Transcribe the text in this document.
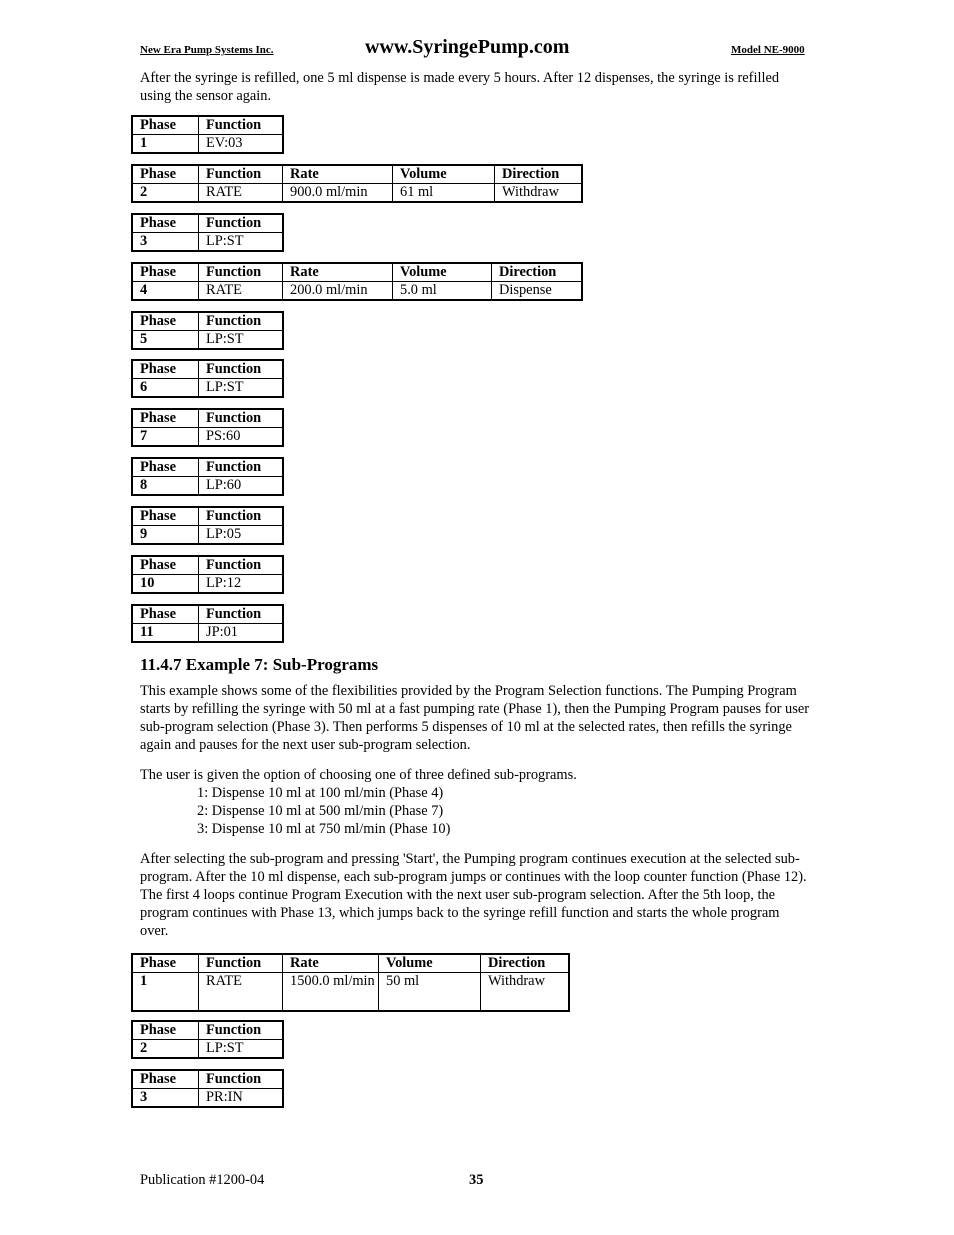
New Era Pump Systems Inc.	www.SyringePump.com	Model NE-9000

After the syringe is refilled, one 5 ml dispense is made every 5 hours. After 12 dispenses, the syringe is refilled using the sensor again.

Phase	Function
1	EV:03
Phase	Function	Rate	Volume	Direction
2	RATE	900.0 ml/min	61 ml	Withdraw
Phase	Function
3	LP:ST
Phase	Function	Rate	Volume	Direction
4	RATE	200.0 ml/min	5.0 ml	Dispense
Phase	Function
5	LP:ST
Phase	Function
6	LP:ST
Phase	Function
7	PS:60
Phase	Function
8	LP:60
Phase	Function
9	LP:05
Phase	Function
10	LP:12
Phase	Function
11	JP:01
11.4.7 Example 7: Sub-Programs

This example shows some of the flexibilities provided by the Program Selection functions. The Pumping Program starts by refilling the syringe with 50 ml at a fast pumping rate (Phase 1), then the Pumping Program pauses for user sub-program selection (Phase 3). Then performs 5 dispenses of 10 ml at the selected rates, then refills the syringe again and pauses for the next user sub-program selection.

The user is given the option of choosing one of three defined sub-programs.

1: Dispense 10 ml at 100 ml/min (Phase 4)

2: Dispense 10 ml at 500 ml/min (Phase 7)

3: Dispense 10 ml at 750 ml/min (Phase 10)

After selecting the sub-program and pressing 'Start', the Pumping program continues execution at the selected sub-program. After the 10 ml dispense, each sub-program jumps or continues with the loop counter function (Phase 12). The first 4 loops continue Program Execution with the next user sub-program selection. After the 5th loop, the program continues with Phase 13, which jumps back to the syringe refill function and starts the whole program over.

Phase	Function	Rate	Volume	Direction
1	RATE	1500.0 ml/min	50 ml	Withdraw
Phase	Function
2	LP:ST
Phase	Function
3	PR:IN
Publication #1200-04	35
